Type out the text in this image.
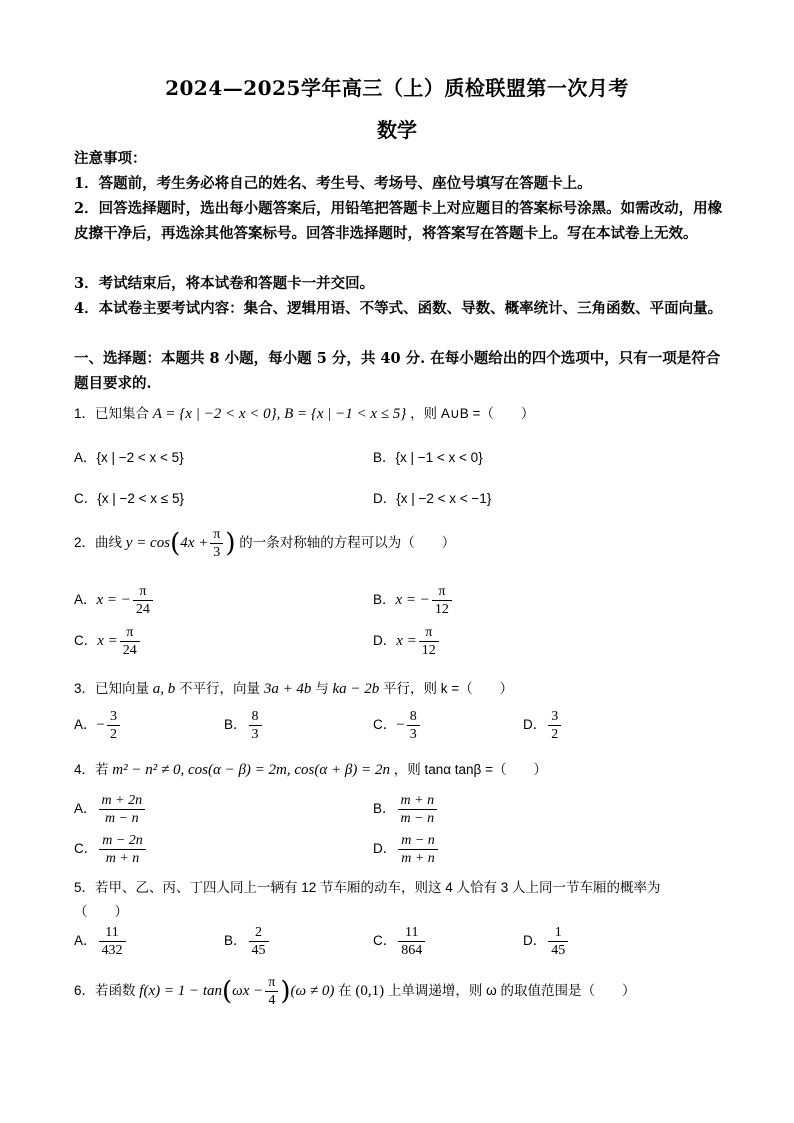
2024—2025学年高三（上）质检联盟第一次月考
数学
注意事项：
1．答题前，考生务必将自己的姓名、考生号、考场号、座位号填写在答题卡上。
2．回答选择题时，选出每小题答案后，用铅笔把答题卡上对应题目的答案标号涂黑。如需改动，用橡皮擦干净后，再选涂其他答案标号。回答非选择题时，将答案写在答题卡上。写在本试卷上无效。
3．考试结束后，将本试卷和答题卡一并交回。
4．本试卷主要考试内容：集合、逻辑用语、不等式、函数、导数、概率统计、三角函数、平面向量。
一、选择题：本题共 8 小题，每小题 5 分，共 40 分. 在每小题给出的四个选项中，只有一项是符合题目要求的.
1．已知集合 A = {x | −2 < x < 0}, B = {x | −1 < x ≤ 5} ，则 A∪B =（　　）
A．{x | −2 < x < 5}	B．{x | −1 < x < 0}
C．{x | −2 < x ≤ 5}	D．{x | −2 < x < −1}
2．曲线 $y = \cos(4x + \frac{\pi}{3}$ ) 的一条对称轴的方程可以为（　　）
A．x = − $\frac{\pi}{24}$	B．x = − $\frac{\pi}{12}$
C．$x = \frac{\pi}{24}$	D．$x = \frac{\pi}{12}$
3．已知向量 a, b 不平行，向量 3a + 4b 与 ka − 2b 平行，则 k =（　　）
A．− $\frac{3}{2}$	B． $\frac{8}{3}$	C．− $\frac{8}{3}$	D． $\frac{3}{2}$
4．若 m² − n² ≠ 0, cos(α − β) = 2m, cos(α + β) = 2n ，则 tanα tanβ =（　　）
A． $\frac{m + 2n}{m - n}$	B． $\frac{m + n}{m - n}$
C． $\frac{m - 2n}{m + n}$	D． $\frac{m - n}{m + n}$
5．若甲、乙、丙、丁四人同上一辆有 12 节车厢的动车，则这 4 人恰有 3 人上同一节车厢的概率为
（　　）
A． $\frac{11}{432}$	B． $\frac{2}{45}$	C． $\frac{11}{864}$	D． $\frac{1}{45}$
6．若函数 $f(x) = 1 - \tan(\omega x - \frac{\pi}{4} )(\omega \ne 0)$ 在 (0,1) 上单调递增，则 ω 的取值范围是（　　）
